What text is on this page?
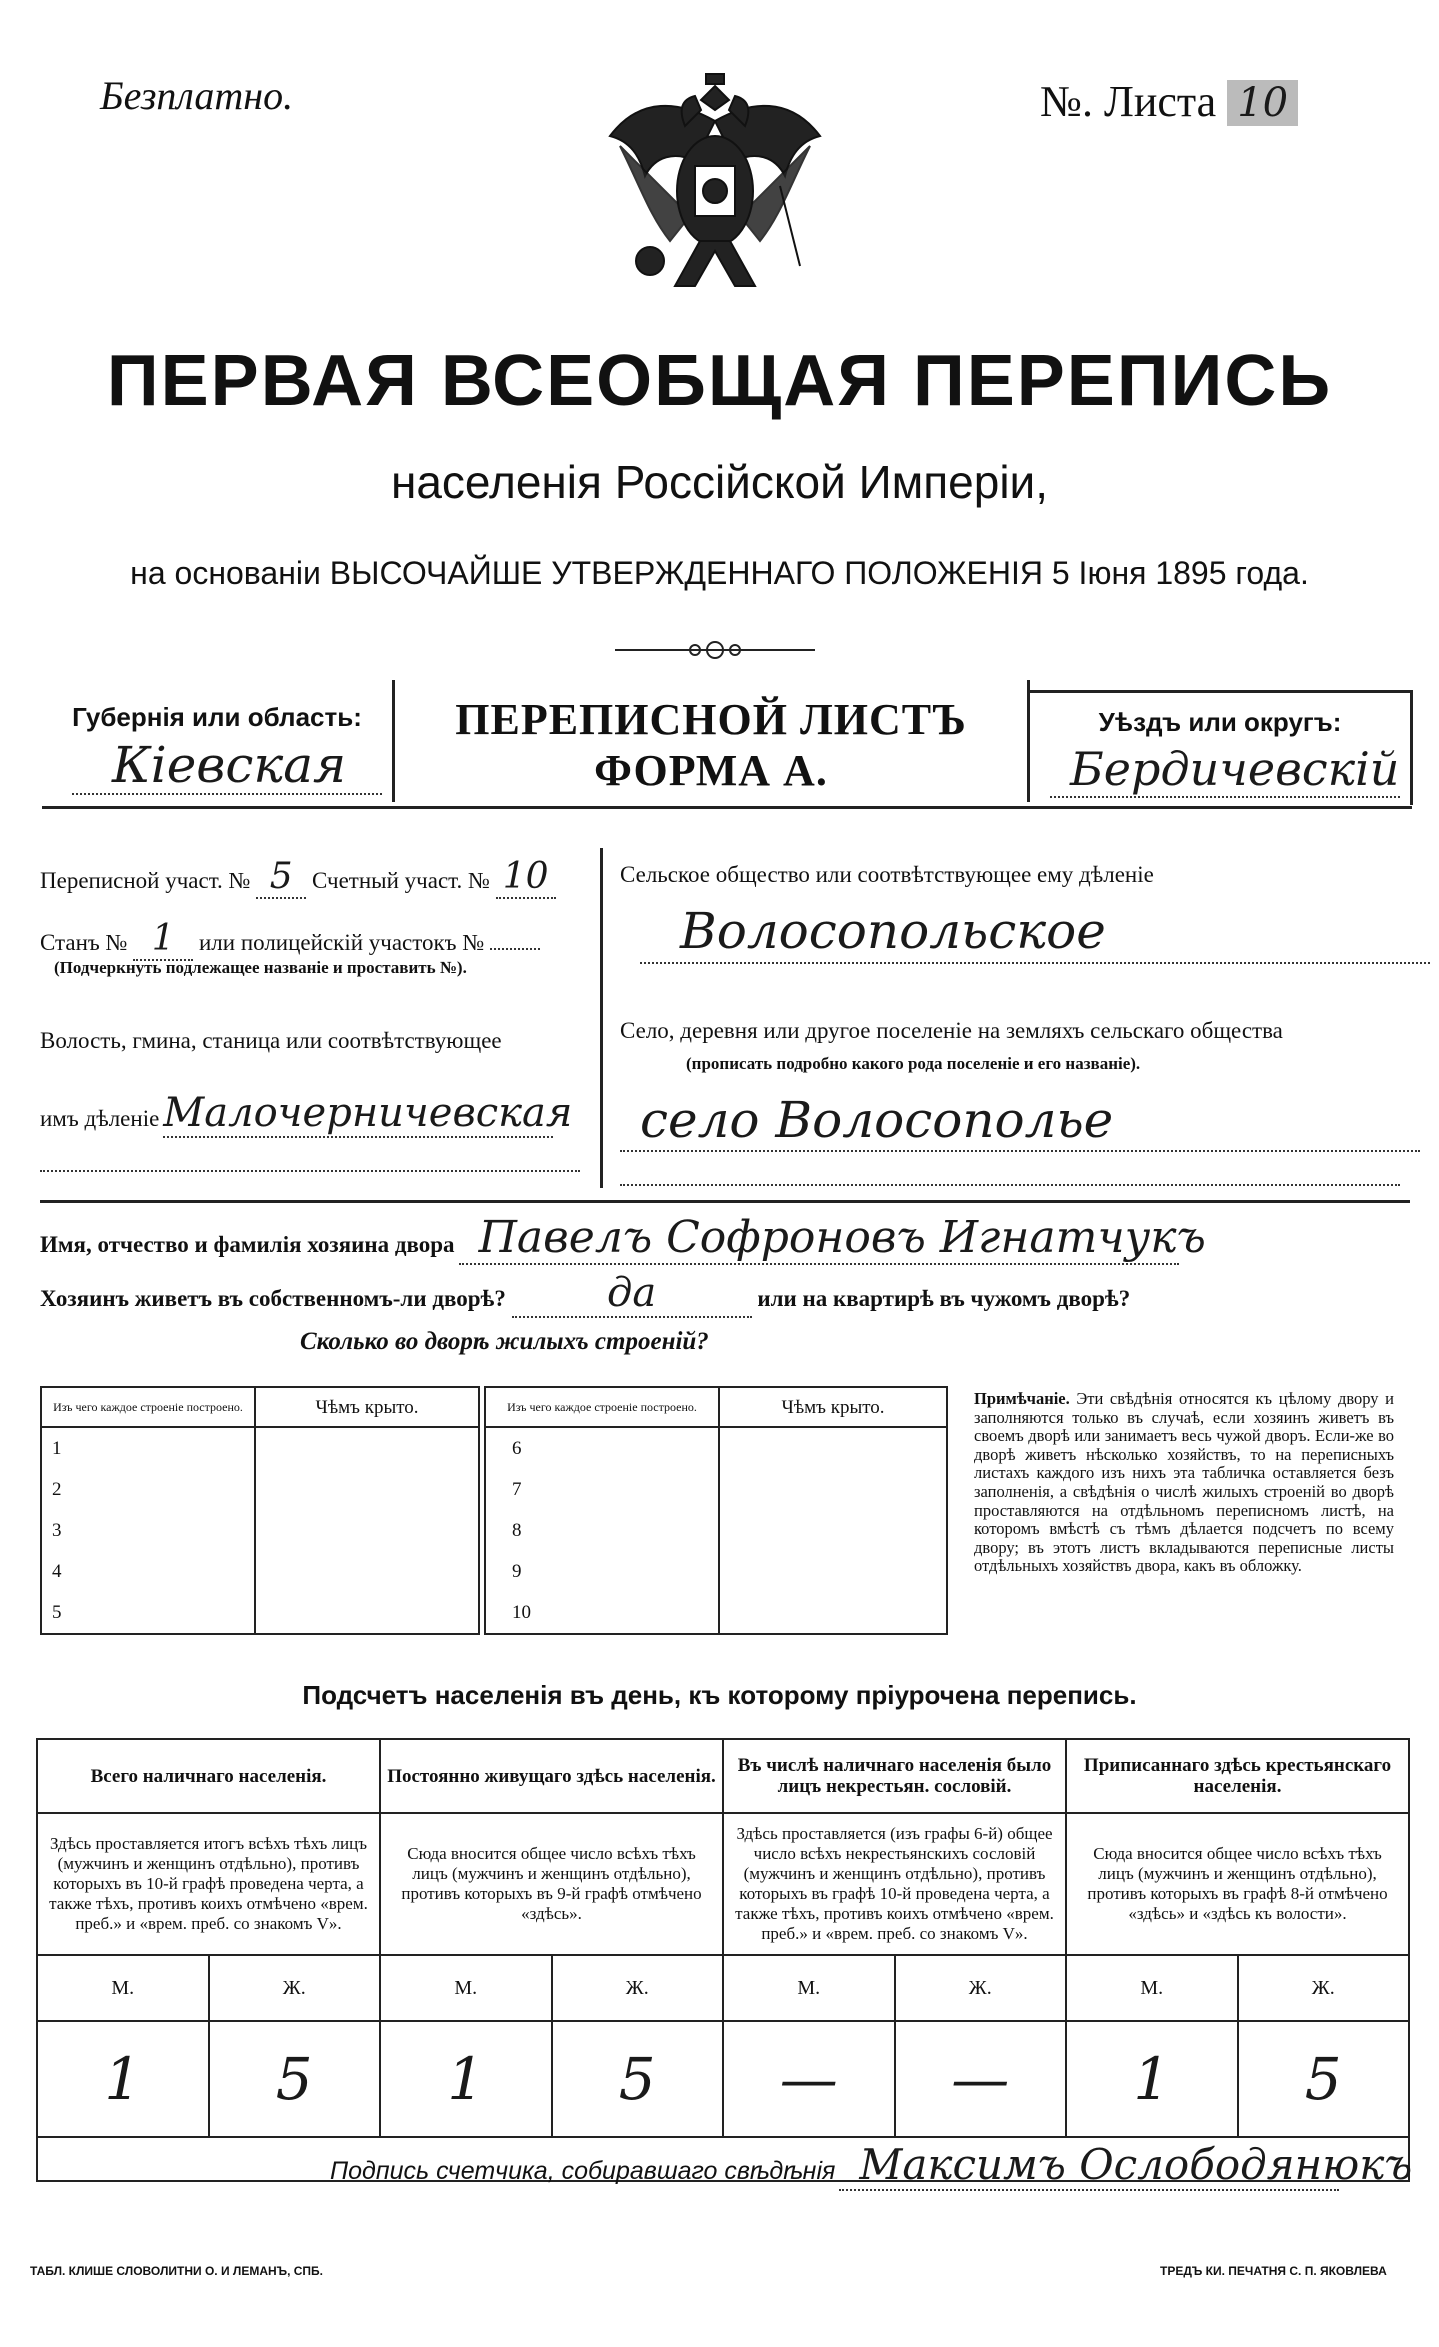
Безплатно.	№. Листа 10
ПЕРВАЯ ВСЕОБЩАЯ ПЕРЕПИСЬ
населенія Россійской Имперіи,
на основаніи ВЫСОЧАЙШЕ УТВЕРЖДЕННАГО ПОЛОЖЕНІЯ 5 Іюня 1895 года.
Губернія или область:
Кіевская
ПЕРЕПИСНОЙ ЛИСТЪ
ФОРМА А.
Уѣздъ или округъ:
Бердичевскій
Переписной участ. № 5 Счетный участ. № 10
Станъ № 1 или полицейскій участокъ №
(Подчеркнуть подлежащее названіе и проставить №).
Волость, гмина, станица или соотвѣтствующее
имъ дѣленіе Малочерничевская
Сельское общество или соотвѣтствующее ему дѣленіе
Волосопольское
Село, деревня или другое поселеніе на земляхъ сельскаго общества
(прописать подробно какого рода поселеніе и его названіе).
село Волосополье
Имя, отчество и фамилія хозяина двора Павелъ Софроновъ Игнатчукъ
Хозяинъ живетъ въ собственномъ-ли дворѣ?	да	или на квартирѣ въ чужомъ дворѣ?
Сколько во дворѣ жилыхъ строеній?
Изъ чего каждое строеніе построено.	Чѣмъ крыто.
1	
2	
3	
4	
5	
Изъ чего каждое строеніе построено.	Чѣмъ крыто.
6	
7	
8	
9	
10	
Примѣчаніе. Эти свѣдѣнія относятся къ цѣлому двору и заполняются только въ случаѣ, если хозяинъ живетъ въ своемъ дворѣ или занимаетъ весь чужой дворъ. Если-же во дворѣ живетъ нѣсколько хозяйствъ, то на переписныхъ листахъ каждого изъ нихъ эта табличка оставляется безъ заполненія, а свѣдѣнія о числѣ жилыхъ строеній во дворѣ проставляются на отдѣльномъ переписномъ листѣ, на которомъ вмѣстѣ съ тѣмъ дѣлается подсчетъ по всему двору; въ этотъ листъ вкладываются переписные листы отдѣльныхъ хозяйствъ двора, какъ въ обложку.
Подсчетъ населенія въ день, къ которому пріурочена перепись.
Всего наличнаго населенія.		Постоянно живущаго здѣсь населенія.		Въ числѣ наличнаго населенія было лицъ некрестьян. сословій.		Приписаннаго здѣсь крестьянскаго населенія.	
Здѣсь проставляется итогъ всѣхъ тѣхъ лицъ (мужчинъ и женщинъ отдѣльно), противъ которыхъ въ 10-й графѣ проведена черта, а также тѣхъ, противъ коихъ отмѣчено «врем. преб.» и «врем. преб. со знакомъ V».		Сюда вносится общее число всѣхъ тѣхъ лицъ (мужчинъ и женщинъ отдѣльно), противъ которыхъ въ 9-й графѣ отмѣчено «здѣсь».		Здѣсь проставляется (изъ графы 6-й) общее число всѣхъ некрестьянскихъ сословій (мужчинъ и женщинъ отдѣльно), противъ которыхъ въ графѣ 10-й проведена черта, а также тѣхъ, противъ коихъ отмѣчено «врем. преб.» и «врем. преб. со знакомъ V».		Сюда вносится общее число всѣхъ тѣхъ лицъ (мужчинъ и женщинъ отдѣльно), противъ которыхъ въ графѣ 8-й отмѣчено «здѣсь» и «здѣсь къ волости».	
М.	Ж.	М.	Ж.	М.	Ж.	М.	Ж.
1	5	1	5	—	—	1	5

Подпись счетчика, собиравшаго свѣдѣнія Максимъ Ослободянюкъ
ТАБЛ. КЛИШЕ СЛОВОЛИТНИ О. И ЛЕМАНЪ, СПБ.	ТРЕДЪ КИ. ПЕЧАТНЯ С. П. ЯКОВЛЕВА
